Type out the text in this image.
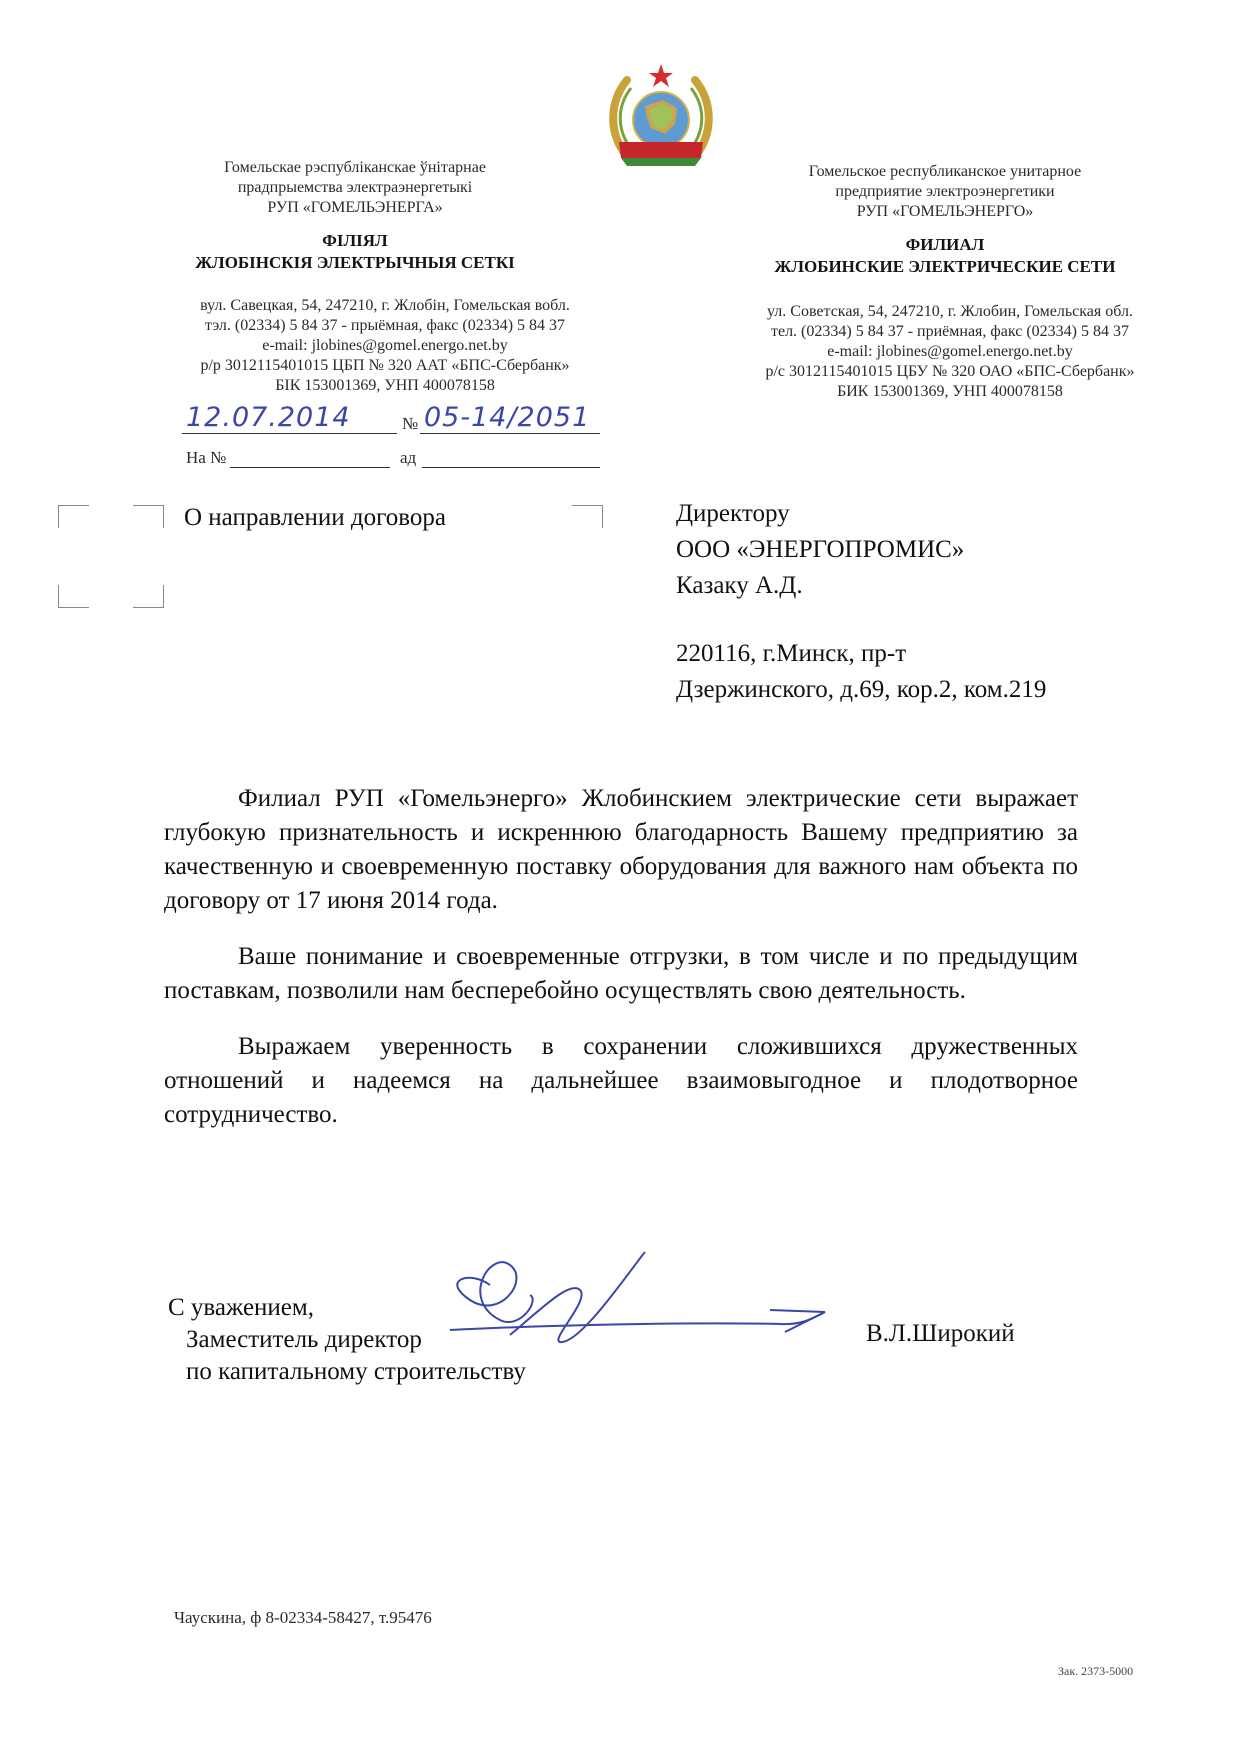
Гомельскае рэспубліканскае ўнітарнае
прадпрыемства электраэнергетыкі
РУП «ГОМЕЛЬЭНЕРГА»
ФІЛІЯЛ
ЖЛОБІНСКІЯ ЭЛЕКТРЫЧНЫЯ СЕТКІ
вул. Савецкая, 54, 247210, г. Жлобін, Гомельская вобл.
тэл. (02334) 5 84 37 - прыёмная, факс (02334) 5 84 37
e-mail: jlobines@gomel.energo.net.by
р/р 3012115401015 ЦБП № 320 ААТ «БПС-Сбербанк»
БІК 153001369, УНП 400078158
Гомельское республиканское унитарное
предприятие электроэнергетики
РУП «ГОМЕЛЬЭНЕРГО»
ФИЛИАЛ
ЖЛОБИНСКИЕ ЭЛЕКТРИЧЕСКИЕ СЕТИ
ул. Советская, 54, 247210, г. Жлобин, Гомельская обл.
тел. (02334) 5 84 37 - приёмная, факс (02334) 5 84 37
e-mail: jlobines@gomel.energo.net.by
р/с 3012115401015 ЦБУ № 320 ОАО «БПС-Сбербанк»
БИК 153001369, УНП 400078158
12.07.2014	№ 05-14/2051
На №	ад
О направлении договора	Директору
ООО «ЭНЕРГОПРОМИС»
Казаку А.Д.
220116, г.Минск, пр-т
Дзержинского, д.69, кор.2, ком.219

Филиал РУП «Гомельэнерго» Жлобинскием электрические сети выражает глубокую признательность и искреннюю благодарность Вашему предприятию за качественную и своевременную поставку оборудования для важного нам объекта по договору от 17 июня 2014 года.

Ваше понимание и своевременные отгрузки, в том числе и по предыдущим поставкам, позволили нам бесперебойно осуществлять свою деятельность.

Выражаем уверенность в сохранении сложившихся дружественных отношений и надеемся на дальнейшее взаимовыгодное и плодотворное сотрудничество.

С уважением,
Заместитель директор
по капитальному строительству
В.Л.Широкий
Чаускина, ф 8-02334-58427, т.95476
Зак. 2373-5000
